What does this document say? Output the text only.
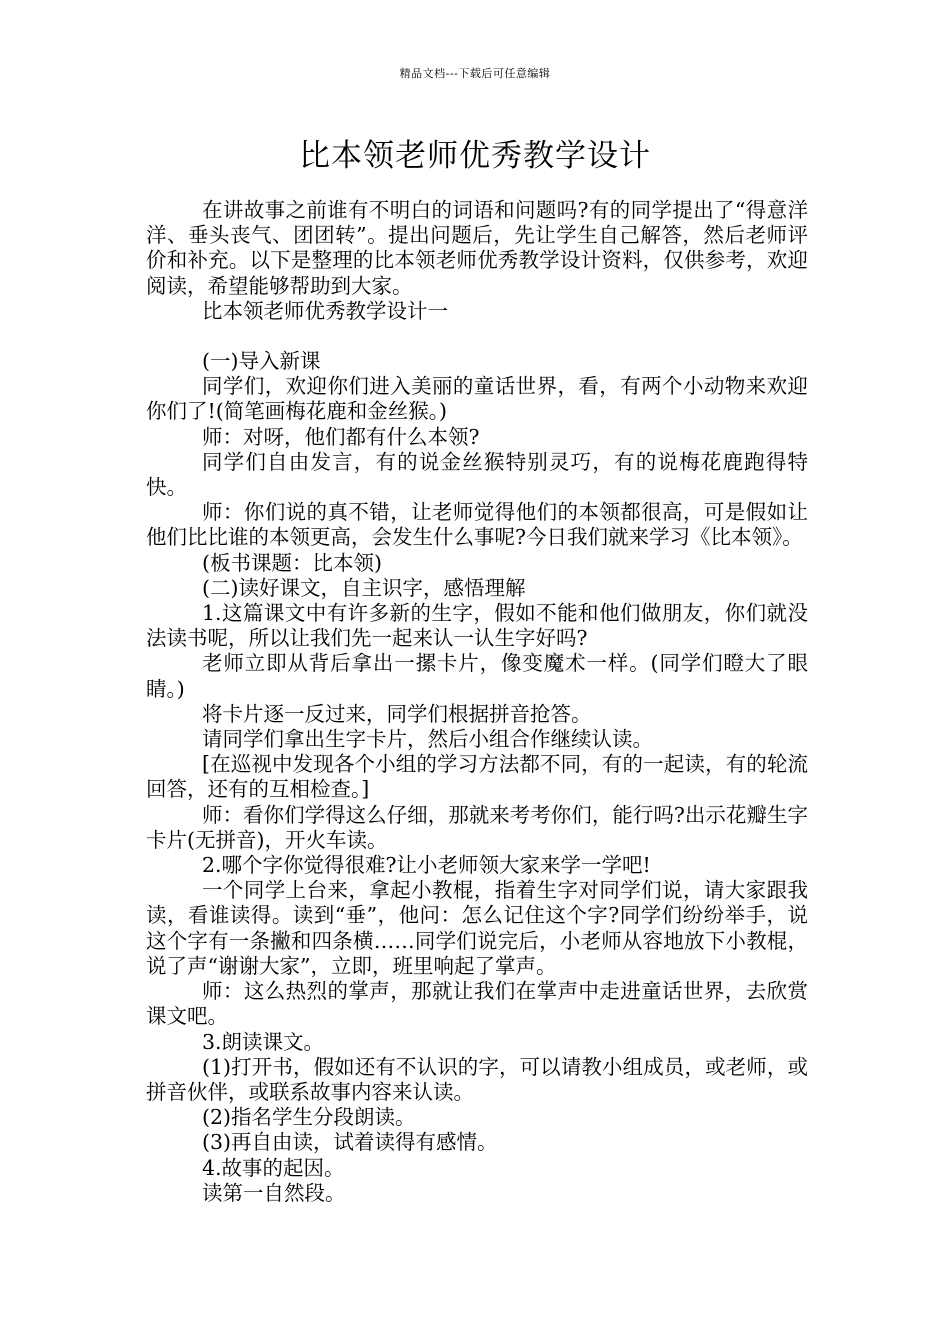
精品文档---下载后可任意编辑
比本领老师优秀教学设计

在讲故事之前谁有不明白的词语和问题吗?有的同学提出了“得意洋洋、垂头丧气、团团转”。提出问题后，先让学生自己解答，然后老师评价和补充。以下是整理的比本领老师优秀教学设计资料，仅供参考，欢迎阅读，希望能够帮助到大家。

比本领老师优秀教学设计一

(一)导入新课

同学们，欢迎你们进入美丽的童话世界，看，有两个小动物来欢迎你们了!(简笔画梅花鹿和金丝猴。)

师：对呀，他们都有什么本领?

同学们自由发言，有的说金丝猴特别灵巧，有的说梅花鹿跑得特快。

师：你们说的真不错，让老师觉得他们的本领都很高，可是假如让他们比比谁的本领更高，会发生什么事呢?今日我们就来学习《比本领》。

(板书课题：比本领)

(二)读好课文，自主识字，感悟理解

1.这篇课文中有许多新的生字，假如不能和他们做朋友，你们就没法读书呢，所以让我们先一起来认一认生字好吗?

老师立即从背后拿出一摞卡片，像变魔术一样。(同学们瞪大了眼睛。)

将卡片逐一反过来，同学们根据拼音抢答。

请同学们拿出生字卡片，然后小组合作继续认读。

[在巡视中发现各个小组的学习方法都不同，有的一起读，有的轮流回答，还有的互相检查。]

师：看你们学得这么仔细，那就来考考你们，能行吗?出示花瓣生字卡片(无拼音)，开火车读。

2.哪个字你觉得很难?让小老师领大家来学一学吧!

一个同学上台来，拿起小教棍，指着生字对同学们说，请大家跟我读，看谁读得。读到“垂”，他问：怎么记住这个字?同学们纷纷举手，说这个字有一条撇和四条横……同学们说完后，小老师从容地放下小教棍，说了声“谢谢大家”，立即，班里响起了掌声。

师：这么热烈的掌声，那就让我们在掌声中走进童话世界，去欣赏课文吧。

3.朗读课文。

(1)打开书，假如还有不认识的字，可以请教小组成员，或老师，或拼音伙伴，或联系故事内容来认读。

(2)指名学生分段朗读。

(3)再自由读，试着读得有感情。

4.故事的起因。

读第一自然段。
